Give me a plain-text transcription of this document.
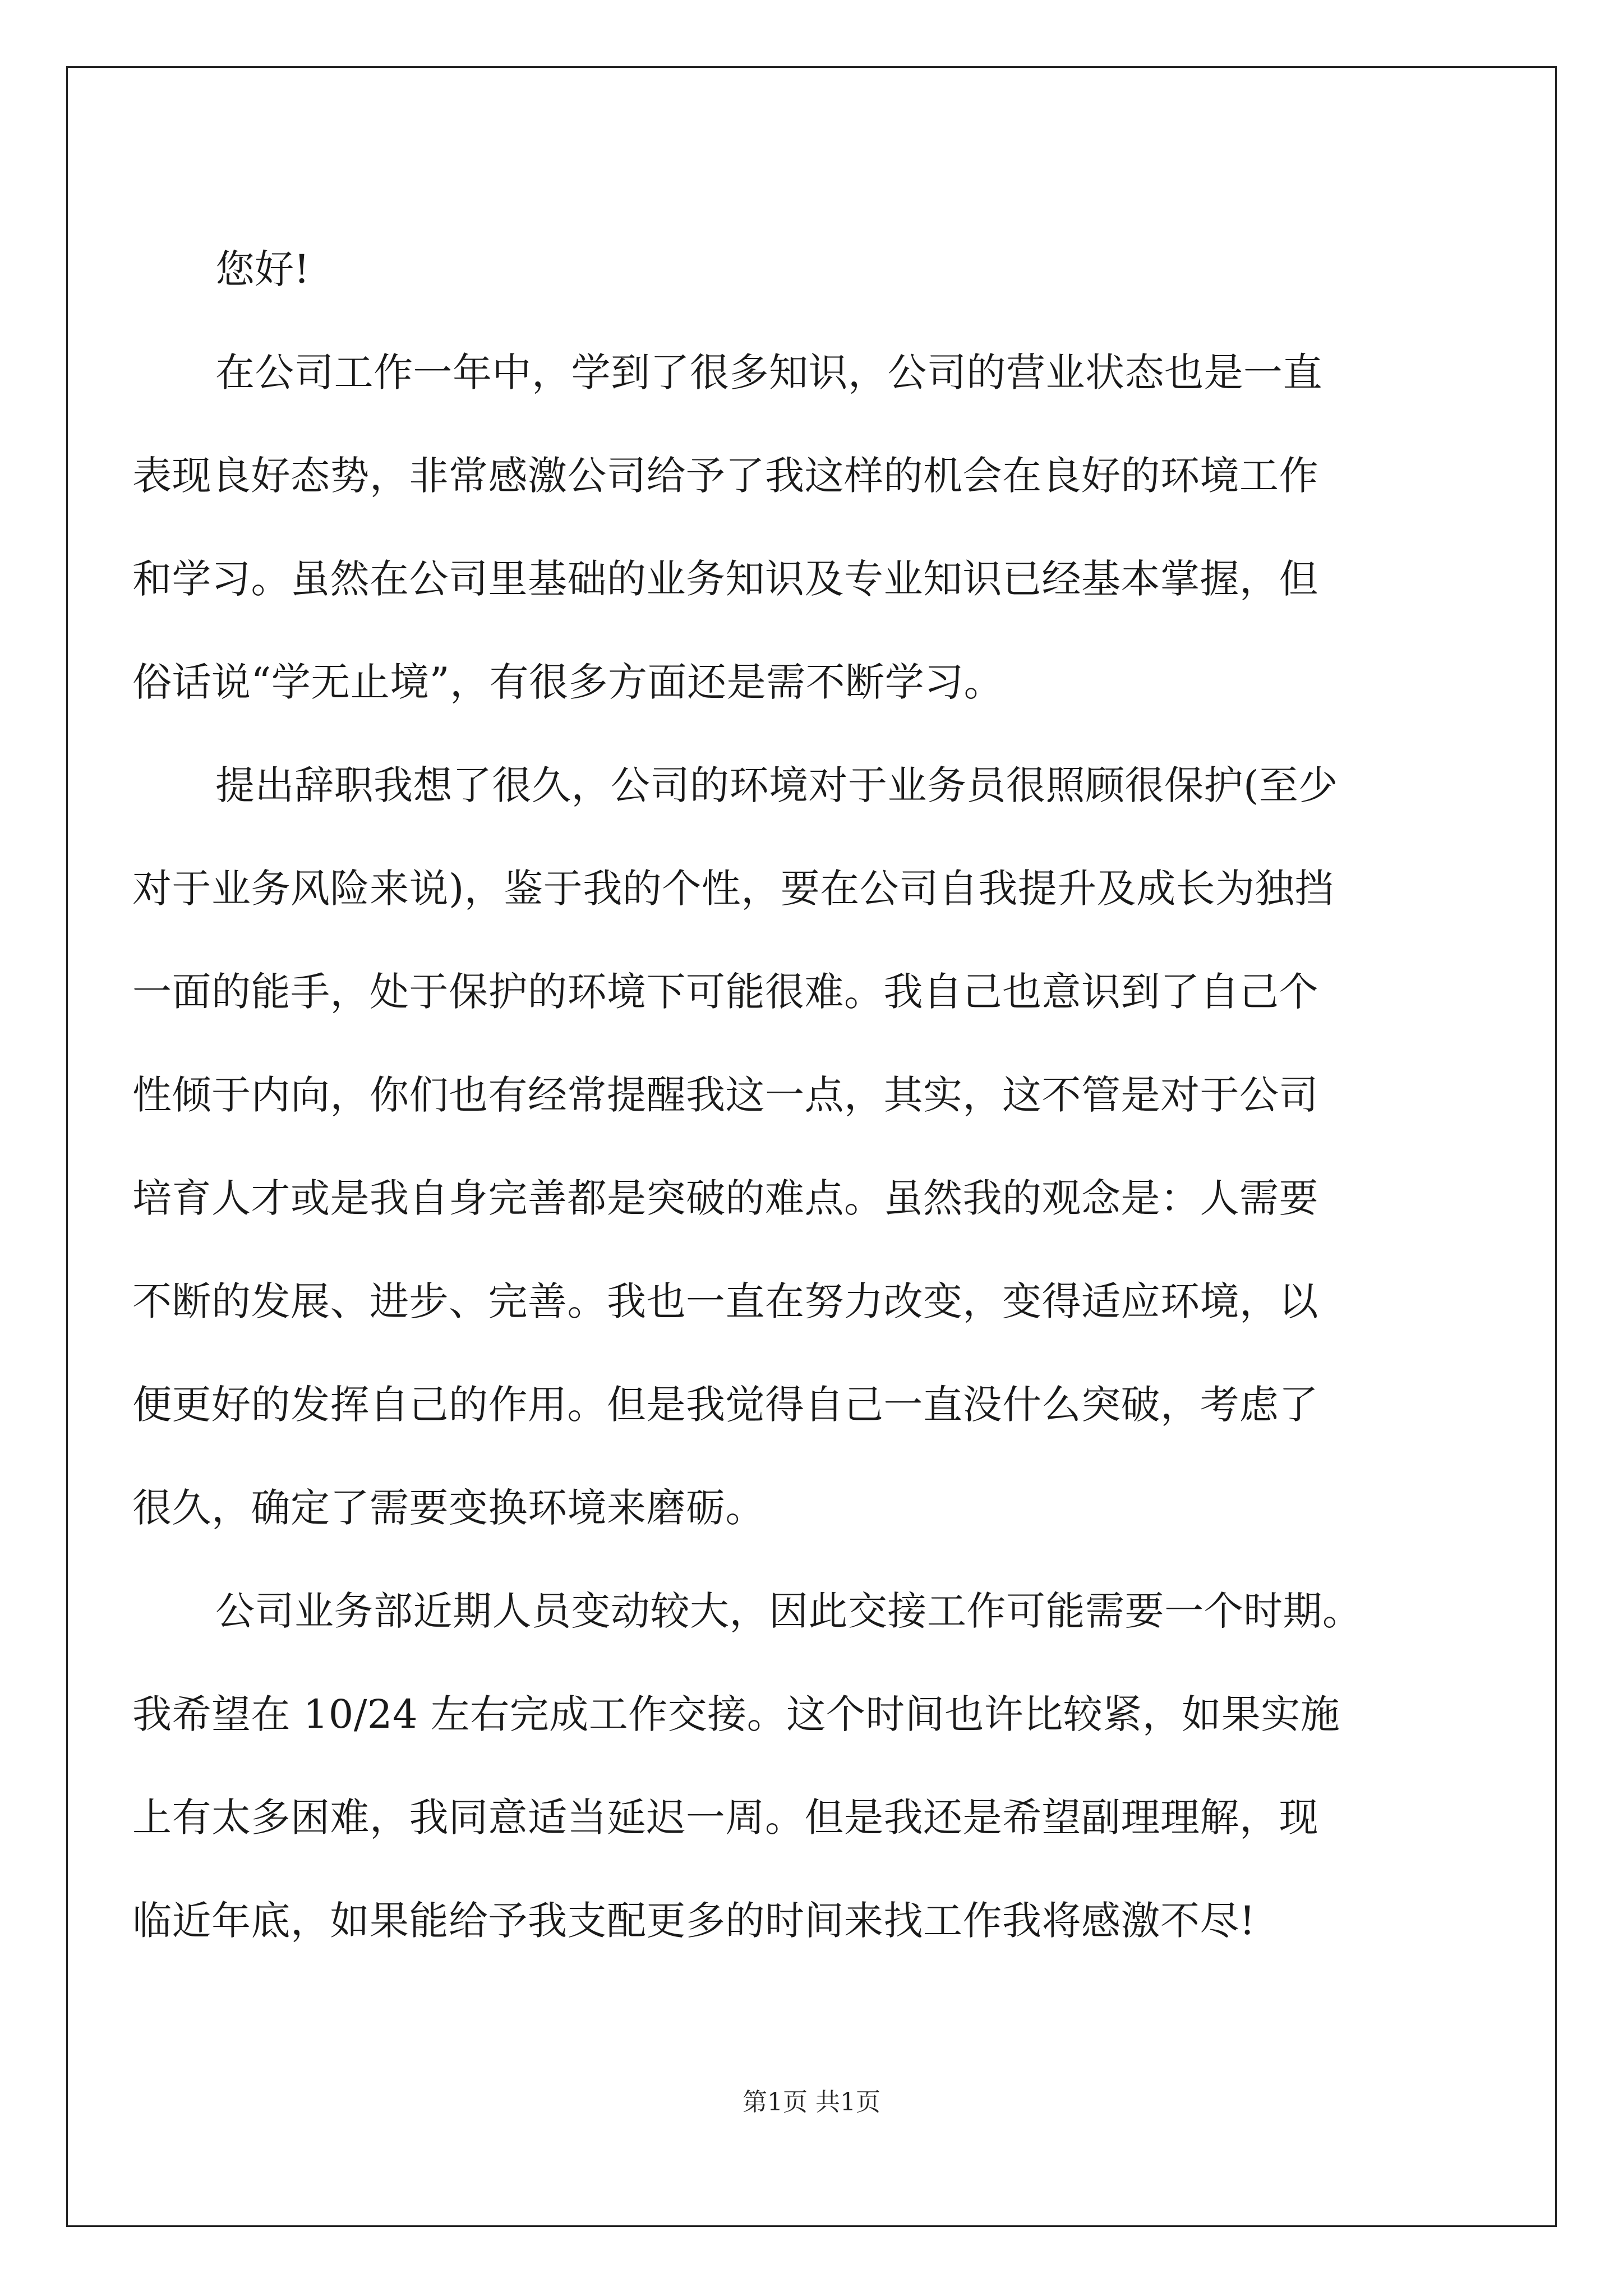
您好!

在公司工作一年中，学到了很多知识，公司的营业状态也是一直
表现良好态势，非常感激公司给予了我这样的机会在良好的环境工作
和学习。虽然在公司里基础的业务知识及专业知识已经基本掌握，但
俗话说“学无止境”，有很多方面还是需不断学习。

提出辞职我想了很久，公司的环境对于业务员很照顾很保护(至少
对于业务风险来说)，鉴于我的个性，要在公司自我提升及成长为独挡
一面的能手，处于保护的环境下可能很难。我自己也意识到了自己个
性倾于内向，你们也有经常提醒我这一点，其实，这不管是对于公司
培育人才或是我自身完善都是突破的难点。虽然我的观念是：人需要
不断的发展、进步、完善。我也一直在努力改变，变得适应环境，以
便更好的发挥自己的作用。但是我觉得自己一直没什么突破，考虑了
很久，确定了需要变换环境来磨砺。

公司业务部近期人员变动较大，因此交接工作可能需要一个时期。
我希望在 10/24 左右完成工作交接。这个时间也许比较紧，如果实施
上有太多困难，我同意适当延迟一周。但是我还是希望副理理解，现
临近年底，如果能给予我支配更多的时间来找工作我将感激不尽!

第1页 共1页
